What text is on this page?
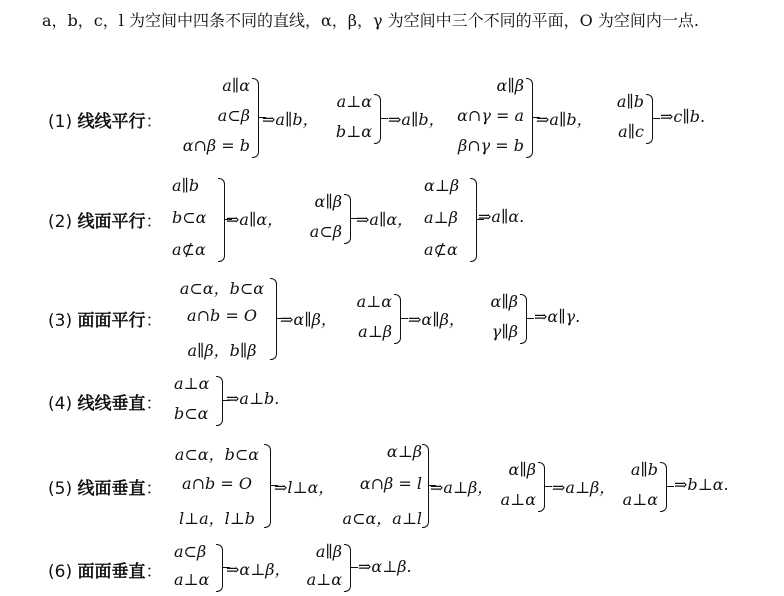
a，b，c，l 为空间中四条不同的直线，α，β，γ 为空间中三个不同的平面，O 为空间内一点.
(1) 线线平行：
a∥α
a⊂β
α∩β = b
⇒a∥b，
a⊥α
b⊥α
⇒a∥b，
α∥β
α∩γ = a
β∩γ = b
⇒a∥b，
a∥b
a∥c
⇒c∥b.
(2) 线面平行：
a∥b
b⊂α
a⊄α
⇒a∥α，
α∥β
a⊂β
⇒a∥α，
α⊥β
a⊥β
a⊄α
⇒a∥α.
(3) 面面平行：
a⊂α，b⊂α
a∩b = O
a∥β，b∥β
⇒α∥β，
a⊥α
a⊥β
⇒α∥β，
α∥β
γ∥β
⇒α∥γ.
(4) 线线垂直：
a⊥α
b⊂α
⇒a⊥b.
(5) 线面垂直：
a⊂α，b⊂α
a∩b = O
l⊥a，l⊥b
⇒l⊥α，
α⊥β
α∩β = l
a⊂α，a⊥l
⇒a⊥β，
α∥β
a⊥α
⇒a⊥β，
a∥b
a⊥α
⇒b⊥α.
(6) 面面垂直：
a⊂β
a⊥α
⇒α⊥β，
a∥β
a⊥α
⇒α⊥β.
